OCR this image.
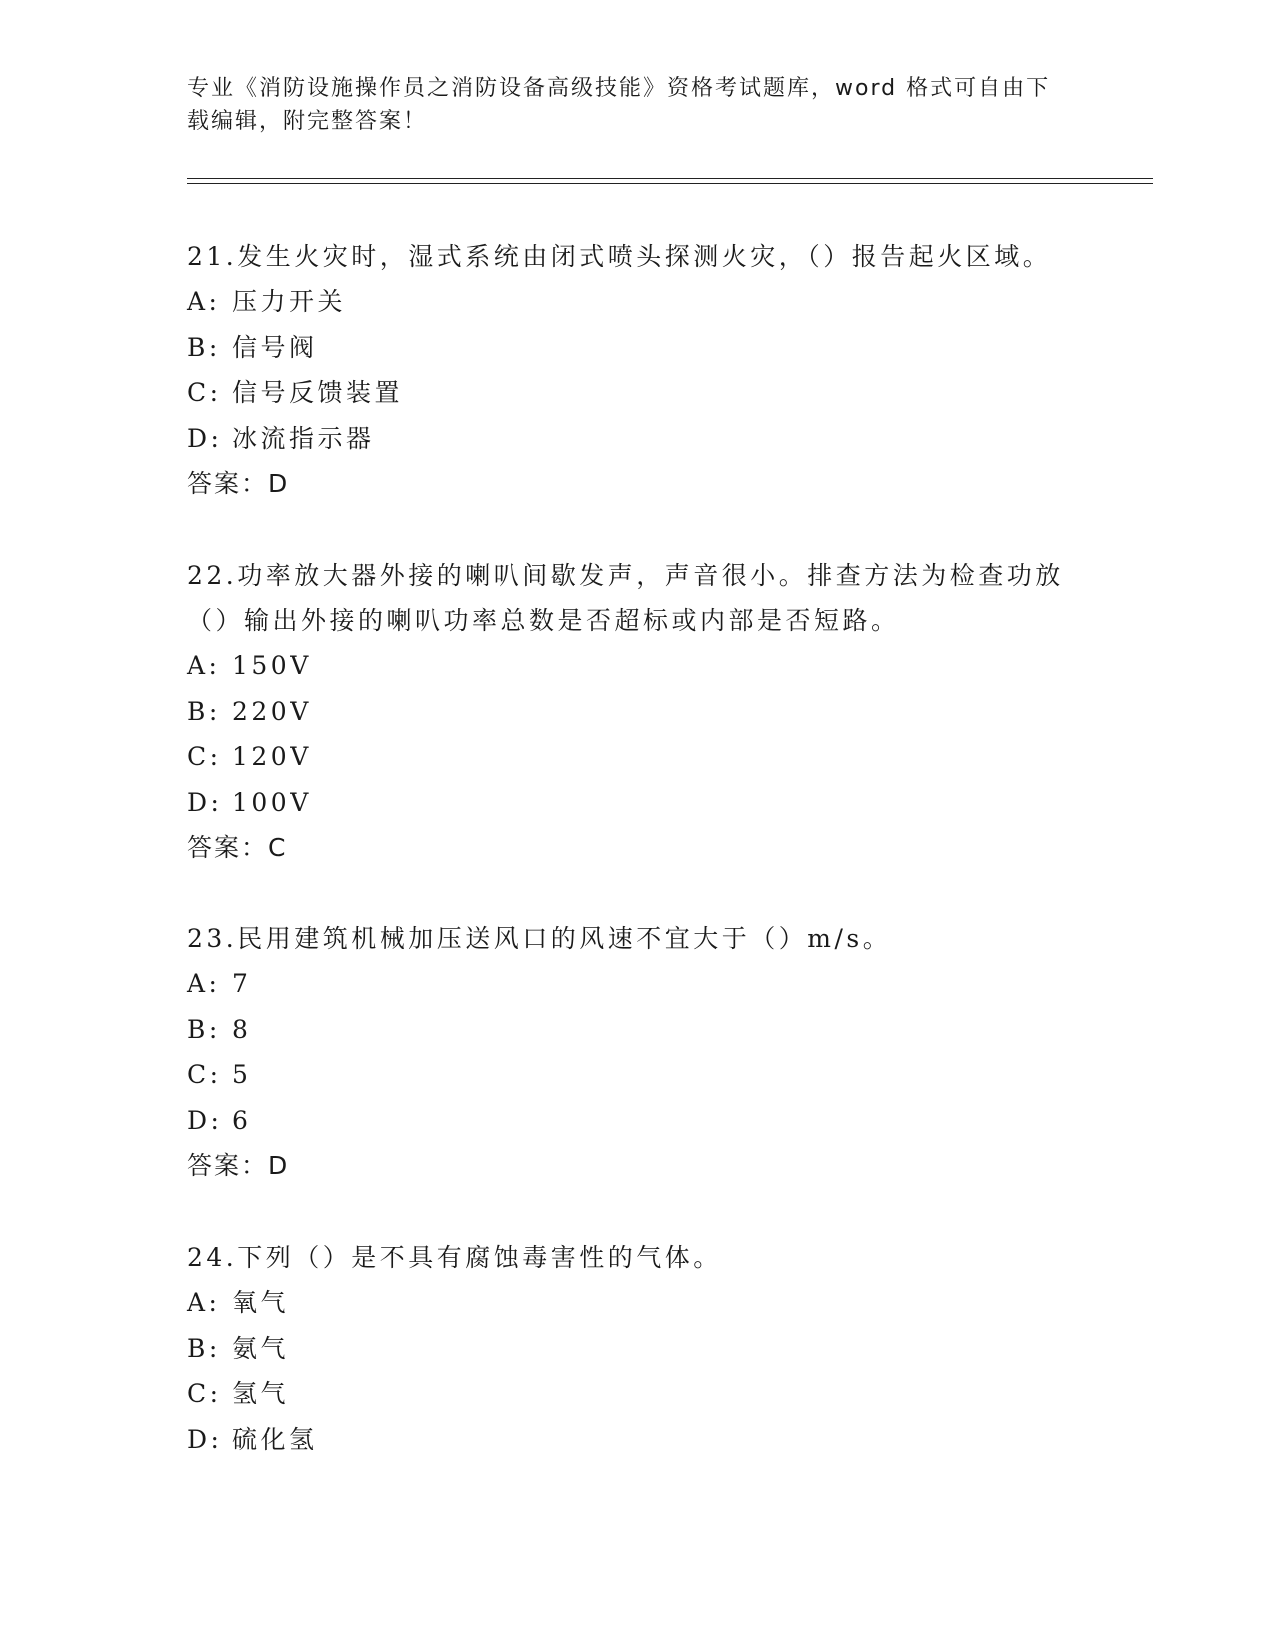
专业《消防设施操作员之消防设备高级技能》资格考试题库，word 格式可自由下
载编辑，附完整答案！
21.发生火灾时，湿式系统由闭式喷头探测火灾，（）报告起火区域。
A: 压力开关
B: 信号阀
C: 信号反馈装置
D: 冰流指示器
答案：D
22.功率放大器外接的喇叭间歇发声，声音很小。排查方法为检查功放（）输出外接的喇叭功率总数是否超标或内部是否短路。
A: 150V
B: 220V
C: 120V
D: 100V
答案：C
23.民用建筑机械加压送风口的风速不宜大于（）m/s。
A: 7
B: 8
C: 5
D: 6
答案：D
24.下列（）是不具有腐蚀毒害性的气体。
A: 氧气
B: 氨气
C: 氢气
D: 硫化氢
